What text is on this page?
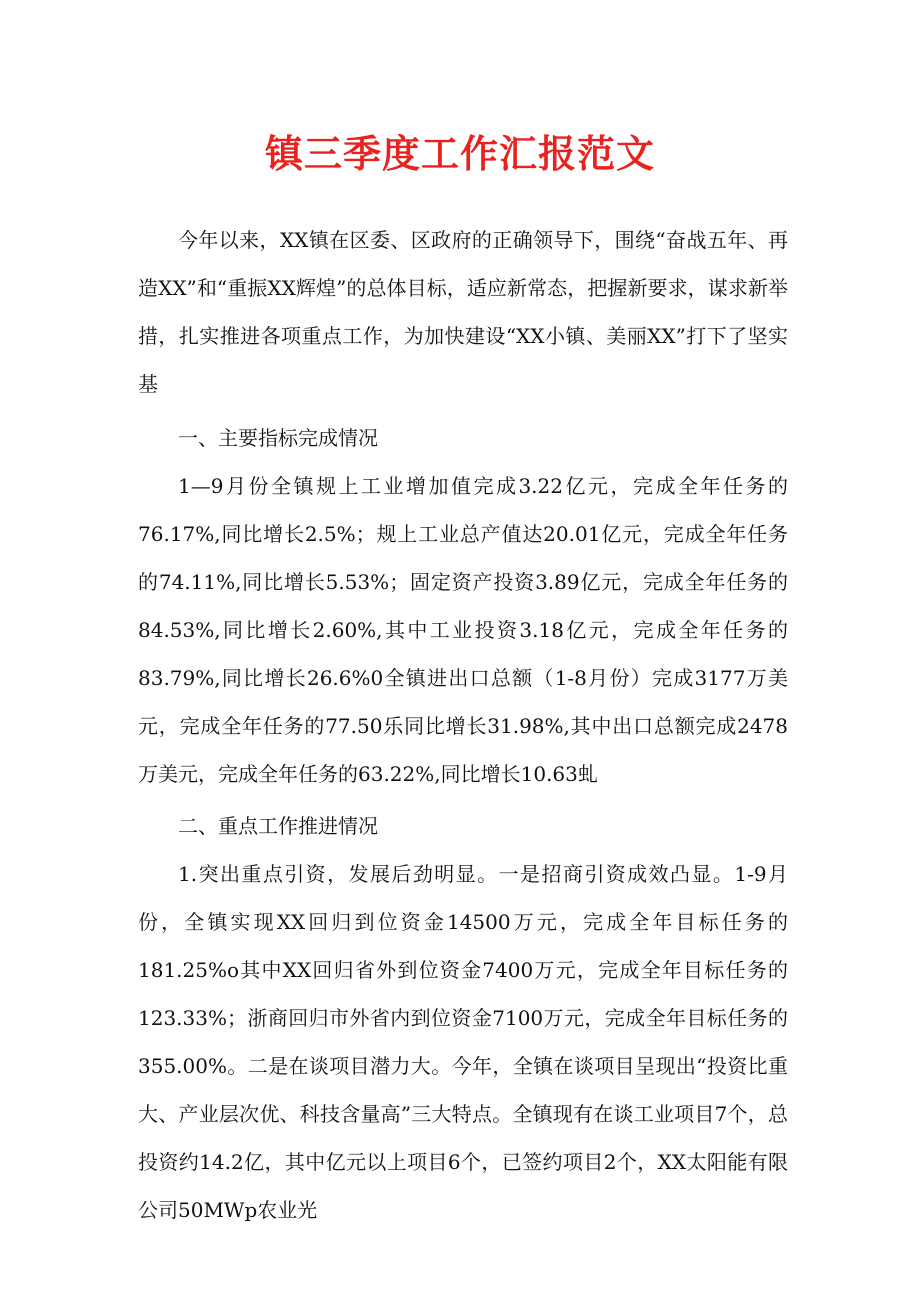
镇三季度工作汇报范文

今年以来，XX镇在区委、区政府的正确领导下，围绕“奋战五年、再造XX”和“重振XX辉煌”的总体目标，适应新常态，把握新要求，谋求新举措，扎实推进各项重点工作，为加快建设“XX小镇、美丽XX”打下了坚实基

一、主要指标完成情况

1—9月份全镇规上工业增加值完成3.22亿元，完成全年任务的76.17%,同比增长2.5%；规上工业总产值达20.01亿元，完成全年任务的74.11%,同比增长5.53%；固定资产投资3.89亿元，完成全年任务的84.53%,同比增长2.60%,其中工业投资3.18亿元，完成全年任务的83.79%,同比增长26.6%0全镇进出口总额（1-8月份）完成3177万美元，完成全年任务的77.50乐同比增长31.98%,其中出口总额完成2478万美元，完成全年任务的63.22%,同比增长10.63虬

二、重点工作推进情况

1.突出重点引资，发展后劲明显。一是招商引资成效凸显。1-9月份，全镇实现XX回归到位资金14500万元，完成全年目标任务的181.25%o其中XX回归省外到位资金7400万元，完成全年目标任务的123.33%；浙商回归市外省内到位资金7100万元，完成全年目标任务的355.00%。二是在谈项目潜力大。今年，全镇在谈项目呈现出“投资比重大、产业层次优、科技含量高”三大特点。全镇现有在谈工业项目7个，总投资约14.2亿，其中亿元以上项目6个，已签约项目2个，XX太阳能有限公司50MWp农业光
